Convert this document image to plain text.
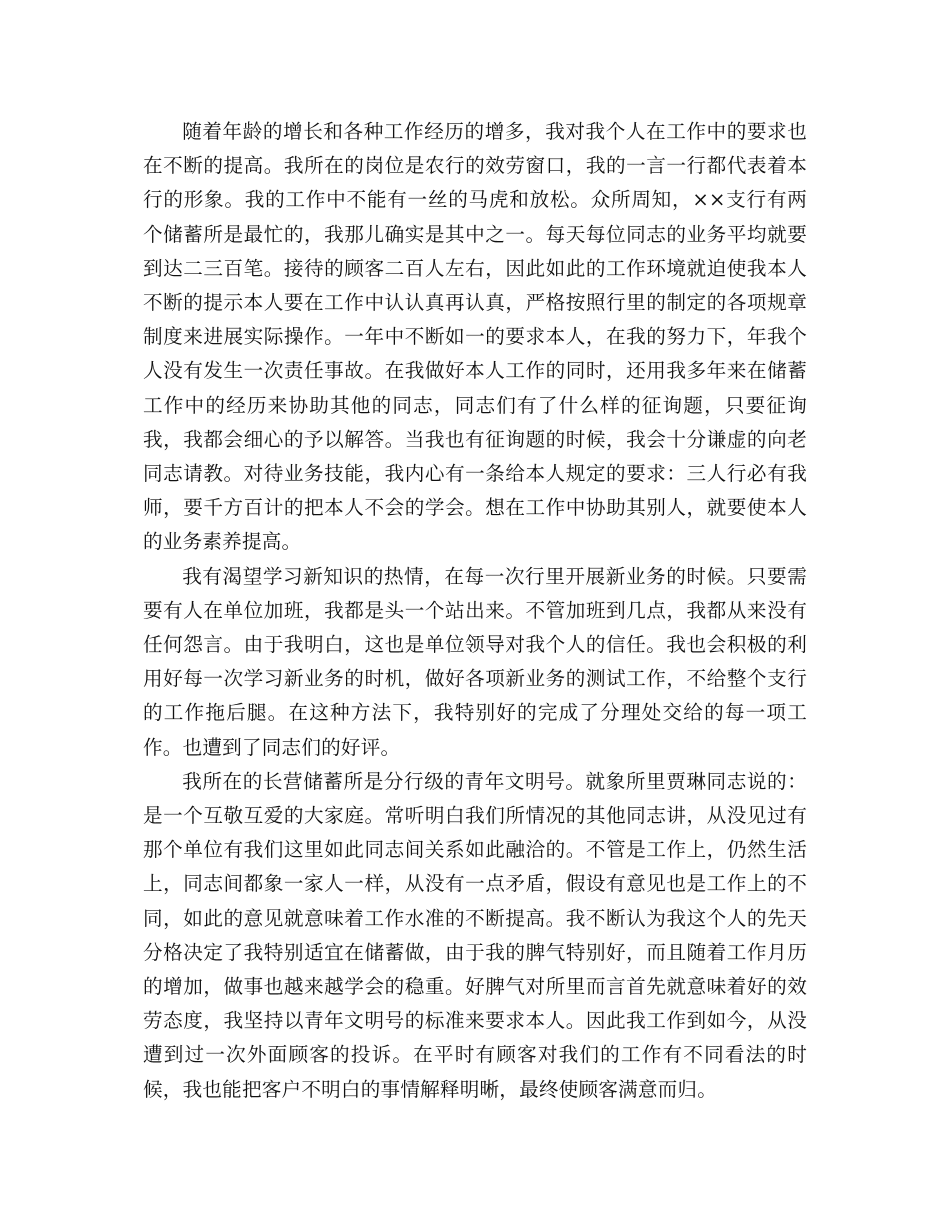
随着年龄的增长和各种工作经历的增多，我对我个人在工作中的要求也在不断的提高。我所在的岗位是农行的效劳窗口，我的一言一行都代表着本行的形象。我的工作中不能有一丝的马虎和放松。众所周知，××支行有两个储蓄所是最忙的，我那儿确实是其中之一。每天每位同志的业务平均就要到达二三百笔。接待的顾客二百人左右，因此如此的工作环境就迫使我本人不断的提示本人要在工作中认认真再认真，严格按照行里的制定的各项规章制度来进展实际操作。一年中不断如一的要求本人，在我的努力下，年我个人没有发生一次责任事故。在我做好本人工作的同时，还用我多年来在储蓄工作中的经历来协助其他的同志，同志们有了什么样的征询题，只要征询我，我都会细心的予以解答。当我也有征询题的时候，我会十分谦虚的向老同志请教。对待业务技能，我内心有一条给本人规定的要求：三人行必有我师，要千方百计的把本人不会的学会。想在工作中协助其别人，就要使本人的业务素养提高。

我有渴望学习新知识的热情，在每一次行里开展新业务的时候。只要需要有人在单位加班，我都是头一个站出来。不管加班到几点，我都从来没有任何怨言。由于我明白，这也是单位领导对我个人的信任。我也会积极的利用好每一次学习新业务的时机，做好各项新业务的测试工作，不给整个支行的工作拖后腿。在这种方法下，我特别好的完成了分理处交给的每一项工作。也遭到了同志们的好评。

我所在的长营储蓄所是分行级的青年文明号。就象所里贾琳同志说的：是一个互敬互爱的大家庭。常听明白我们所情况的其他同志讲，从没见过有那个单位有我们这里如此同志间关系如此融洽的。不管是工作上，仍然生活上，同志间都象一家人一样，从没有一点矛盾，假设有意见也是工作上的不同，如此的意见就意味着工作水准的不断提高。我不断认为我这个人的先天分格决定了我特别适宜在储蓄做，由于我的脾气特别好，而且随着工作月历的增加，做事也越来越学会的稳重。好脾气对所里而言首先就意味着好的效劳态度，我坚持以青年文明号的标准来要求本人。因此我工作到如今，从没遭到过一次外面顾客的投诉。在平时有顾客对我们的工作有不同看法的时候，我也能把客户不明白的事情解释明晰，最终使顾客满意而归。
